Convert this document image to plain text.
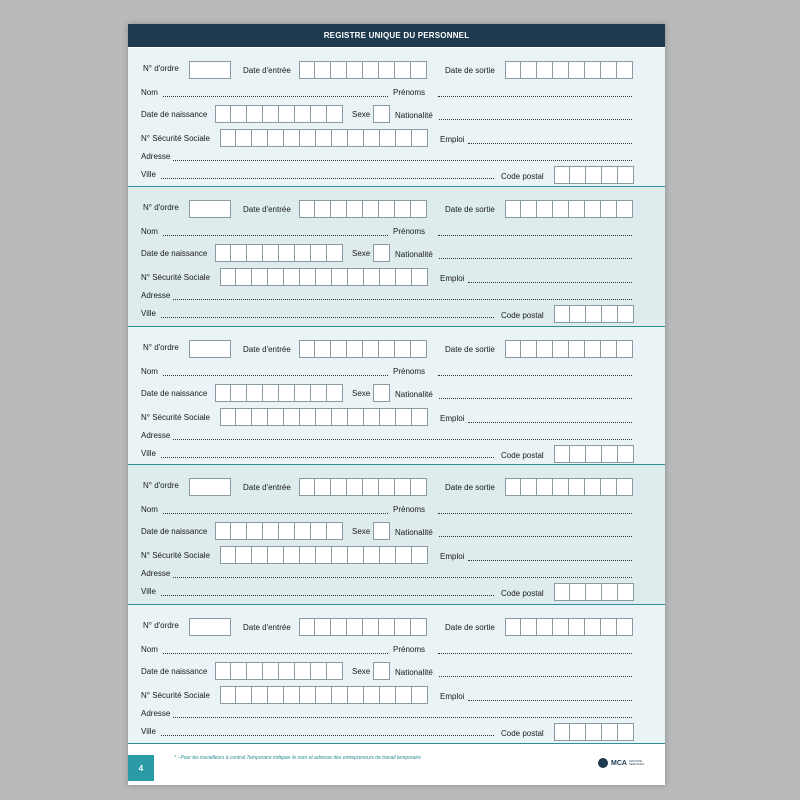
REGISTRE UNIQUE DU PERSONNEL
N° d'ordre	Date d'entrée	Date de sortie
Nom	Prénoms
Date de naissance	Sexe	Nationalité
N° Sécurité Sociale	Emploi
Adresse
Ville	Code postal
N° d'ordre	Date d'entrée	Date de sortie
Nom	Prénoms
Date de naissance	Sexe	Nationalité
N° Sécurité Sociale	Emploi
Adresse
Ville	Code postal
N° d'ordre	Date d'entrée	Date de sortie
Nom	Prénoms
Date de naissance	Sexe	Nationalité
N° Sécurité Sociale	Emploi
Adresse
Ville	Code postal
N° d'ordre	Date d'entrée	Date de sortie
Nom	Prénoms
Date de naissance	Sexe	Nationalité
N° Sécurité Sociale	Emploi
Adresse
Ville	Code postal
N° d'ordre	Date d'entrée	Date de sortie
Nom	Prénoms
Date de naissance	Sexe	Nationalité
N° Sécurité Sociale	Emploi
Adresse
Ville	Code postal
4
* - Pour les travailleurs à contrat Temporaire indiquer le nom et adresse des entrepreneurs de travail temporaire
MCA GROUPE SERVICES
